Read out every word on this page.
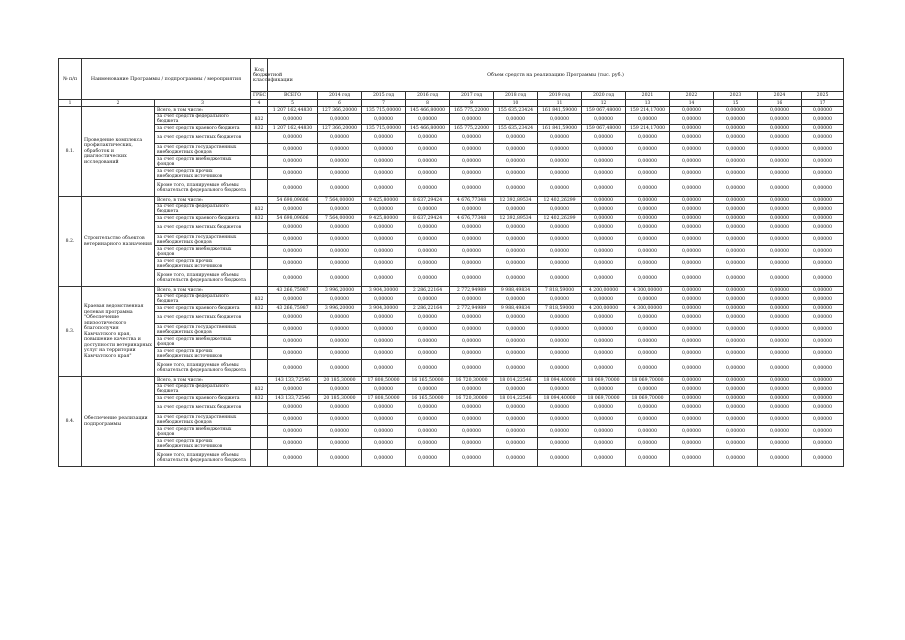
№ п/п	Наименование Программы / подпрограммы / мероприятия		Код бюджетной классификации	Объем средств на реализацию Программы (тыс. руб.)												
			ГРБС	ВСЕГО	2014 год	2015 год	2016 год	2017 год	2018 год	2019 год	2020 год	2021	2022	2023	2024	2025
1	2	3	4	5	6	7	8	9	10	11	12	13	14	15	16	17
8.1.	Проведение комплекса профилактических, обработок и диагностических исследований	Всего, в том числе:		1 207 162,44830	127 366,20000	135 715,00000	145 466,80000	165 775,22000	155 635,23424	161 841,59000	159 067,48000	159 214,17000	0,00000	0,00000	0,00000	0,00000
		за счет средств федерального бюджета	832	0,00000	0,00000	0,00000	0,00000	0,00000	0,00000	0,00000	0,00000	0,00000	0,00000	0,00000	0,00000	0,00000
		за счет средств краевого бюджета	832	1 207 162,44830	127 366,20000	135 715,00000	145 466,80000	165 775,22000	155 635,23424	161 841,59000	159 067,48000	159 214,17000	0,00000	0,00000	0,00000	0,00000
		за счет средств местных бюджетов		0,00000	0,00000	0,00000	0,00000	0,00000	0,00000	0,00000	0,00000	0,00000	0,00000	0,00000	0,00000	0,00000
		за счет средств государственных внебюджетных фондов		0,00000	0,00000	0,00000	0,00000	0,00000	0,00000	0,00000	0,00000	0,00000	0,00000	0,00000	0,00000	0,00000
		за счет средств внебюджетных фондов		0,00000	0,00000	0,00000	0,00000	0,00000	0,00000	0,00000	0,00000	0,00000	0,00000	0,00000	0,00000	0,00000
		за счет средств прочих внебюджетных источников		0,00000	0,00000	0,00000	0,00000	0,00000	0,00000	0,00000	0,00000	0,00000	0,00000	0,00000	0,00000	0,00000
		Кроме того, планируемые объемы обязательств федерального бюджета		0,00000	0,00000	0,00000	0,00000	0,00000	0,00000	0,00000	0,00000	0,00000	0,00000	0,00000	0,00000	0,00000
8.2.	Строительство объектов ветеринарного назначения	Всего, в том числе:		54 698,09606	7 564,00000	9 425,80000	8 637,29424	4 676,77348	12 392,89534	12 402,26299	0,00000	0,00000	0,00000	0,00000	0,00000	0,00000
		за счет средств федерального бюджета	832	0,00000	0,00000	0,00000	0,00000	0,00000	0,00000	0,00000	0,00000	0,00000	0,00000	0,00000	0,00000	0,00000
		за счет средств краевого бюджета	832	54 698,09606	7 564,00000	9 425,80000	8 637,29424	4 676,77348	12 392,89534	12 402,26299	0,00000	0,00000	0,00000	0,00000	0,00000	0,00000
		за счет средств местных бюджетов		0,00000	0,00000	0,00000	0,00000	0,00000	0,00000	0,00000	0,00000	0,00000	0,00000	0,00000	0,00000	0,00000
		за счет средств государственных внебюджетных фондов		0,00000	0,00000	0,00000	0,00000	0,00000	0,00000	0,00000	0,00000	0,00000	0,00000	0,00000	0,00000	0,00000
		за счет средств внебюджетных фондов		0,00000	0,00000	0,00000	0,00000	0,00000	0,00000	0,00000	0,00000	0,00000	0,00000	0,00000	0,00000	0,00000
		за счет средств прочих внебюджетных источников		0,00000	0,00000	0,00000	0,00000	0,00000	0,00000	0,00000	0,00000	0,00000	0,00000	0,00000	0,00000	0,00000
		Кроме того, планируемые объемы обязательств федерального бюджета		0,00000	0,00000	0,00000	0,00000	0,00000	0,00000	0,00000	0,00000	0,00000	0,00000	0,00000	0,00000	0,00000
8.3.	Краевая ведомственная целевая программа "Обеспечение эпизоотического благополучия Камчатского края, повышение качества и доступности ветеринарных услуг на территории Камчатского края"	Всего, в том числе:		43 266,75987	3 996,20000	3 904,30000	2 286,22164	2 772,94989	9 988,49834	7 818,59000	4 200,00000	4 300,00000	0,00000	0,00000	0,00000	0,00000
		за счет средств федерального бюджета	832	0,00000	0,00000	0,00000	0,00000	0,00000	0,00000	0,00000	0,00000	0,00000	0,00000	0,00000	0,00000	0,00000
		за счет средств краевого бюджета	832	43 266,75987	3 996,20000	3 904,30000	2 286,22164	2 772,94989	9 988,49834	7 818,59000	4 200,00000	4 300,00000	0,00000	0,00000	0,00000	0,00000
		за счет средств местных бюджетов		0,00000	0,00000	0,00000	0,00000	0,00000	0,00000	0,00000	0,00000	0,00000	0,00000	0,00000	0,00000	0,00000
		за счет средств государственных внебюджетных фондов		0,00000	0,00000	0,00000	0,00000	0,00000	0,00000	0,00000	0,00000	0,00000	0,00000	0,00000	0,00000	0,00000
		за счет средств внебюджетных фондов		0,00000	0,00000	0,00000	0,00000	0,00000	0,00000	0,00000	0,00000	0,00000	0,00000	0,00000	0,00000	0,00000
		за счет средств прочих внебюджетных источников		0,00000	0,00000	0,00000	0,00000	0,00000	0,00000	0,00000	0,00000	0,00000	0,00000	0,00000	0,00000	0,00000
		Кроме того, планируемые объемы обязательств федерального бюджета		0,00000	0,00000	0,00000	0,00000	0,00000	0,00000	0,00000	0,00000	0,00000	0,00000	0,00000	0,00000	0,00000
8.4.	Обеспечение реализации подпрограммы	Всего, в том числе:		143 133,72546	20 185,30000	17 808,50000	16 165,50000	16 720,30000	18 014,22546	18 094,40000	18 069,70000	18 069,70000	0,00000	0,00000	0,00000	0,00000
		за счет средств федерального бюджета	832	0,00000	0,00000	0,00000	0,00000	0,00000	0,00000	0,00000	0,00000	0,00000	0,00000	0,00000	0,00000	0,00000
		за счет средств краевого бюджета	832	143 133,72546	20 185,30000	17 808,50000	16 165,50000	16 720,30000	18 014,22546	18 094,40000	18 069,70000	18 069,70000	0,00000	0,00000	0,00000	0,00000
		за счет средств местных бюджетов		0,00000	0,00000	0,00000	0,00000	0,00000	0,00000	0,00000	0,00000	0,00000	0,00000	0,00000	0,00000	0,00000
		за счет средств государственных внебюджетных фондов		0,00000	0,00000	0,00000	0,00000	0,00000	0,00000	0,00000	0,00000	0,00000	0,00000	0,00000	0,00000	0,00000
		за счет средств внебюджетных фондов		0,00000	0,00000	0,00000	0,00000	0,00000	0,00000	0,00000	0,00000	0,00000	0,00000	0,00000	0,00000	0,00000
		за счет средств прочих внебюджетных источников		0,00000	0,00000	0,00000	0,00000	0,00000	0,00000	0,00000	0,00000	0,00000	0,00000	0,00000	0,00000	0,00000
		Кроме того, планируемые объемы обязательств федерального бюджета		0,00000	0,00000	0,00000	0,00000	0,00000	0,00000	0,00000	0,00000	0,00000	0,00000	0,00000	0,00000	0,00000
